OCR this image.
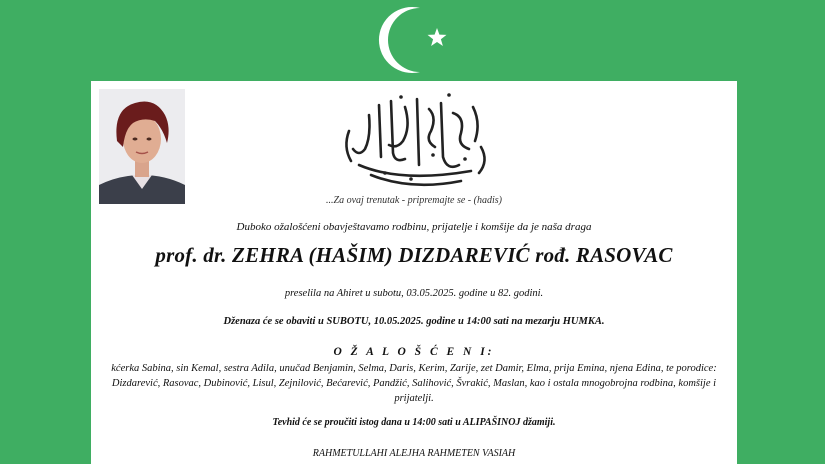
...Za ovaj trenutak - pripremajte se - (hadis)
Duboko ožalošćeni obavještavamo rodbinu, prijatelje i komšije da je naša draga
prof. dr. ZEHRA (HAŠIM) DIZDAREVIĆ rođ. RASOVAC
preselila na Ahiret u subotu, 03.05.2025. godine u 82. godini.
Dženaza će se obaviti u SUBOTU, 10.05.2025. godine u 14:00 sati na mezarju HUMKA.
O Ž A L O Š Ć E N I:
kćerka Sabina, sin Kemal, sestra Adila, unučad Benjamin, Selma, Daris, Kerim, Zarije, zet Damir, Elma, prija Emina, njena Edina, te porodice: Dizdarević, Rasovac, Dubinović, Lisul, Zejnilović, Bećarević, Pandžić, Salihović, Švrakić, Maslan, kao i ostala mnogobrojna rodbina, komšije i prijatelji.
Tevhid će se proučiti istog dana u 14:00 sati u ALIPAŠINOJ džamiji.
RAHMETULLAHI ALEJHA RAHMETEN VASIAH
